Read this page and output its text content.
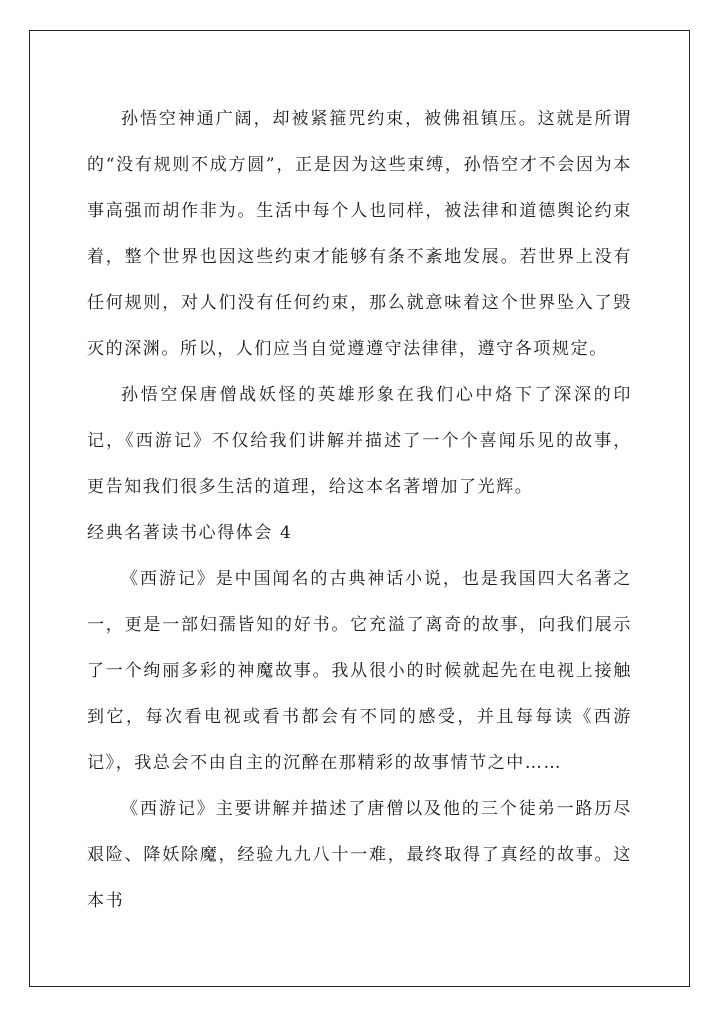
孙悟空神通广阔，却被紧箍咒约束，被佛祖镇压。这就是所谓的“没有规则不成方圆”，正是因为这些束缚，孙悟空才不会因为本事高强而胡作非为。生活中每个人也同样，被法律和道德舆论约束着，整个世界也因这些约束才能够有条不紊地发展。若世界上没有任何规则，对人们没有任何约束，那么就意味着这个世界坠入了毁灭的深渊。所以，人们应当自觉遵遵守法律律，遵守各项规定。

孙悟空保唐僧战妖怪的英雄形象在我们心中烙下了深深的印记，《西游记》不仅给我们讲解并描述了一个个喜闻乐见的故事，更告知我们很多生活的道理，给这本名著增加了光辉。

经典名著读书心得体会 4

《西游记》是中国闻名的古典神话小说，也是我国四大名著之一，更是一部妇孺皆知的好书。它充溢了离奇的故事，向我们展示了一个绚丽多彩的神魔故事。我从很小的时候就起先在电视上接触到它，每次看电视或看书都会有不同的感受，并且每每读《西游记》，我总会不由自主的沉醉在那精彩的故事情节之中……

《西游记》主要讲解并描述了唐僧以及他的三个徒弟一路历尽艰险、降妖除魔，经验九九八十一难，最终取得了真经的故事。这本书
